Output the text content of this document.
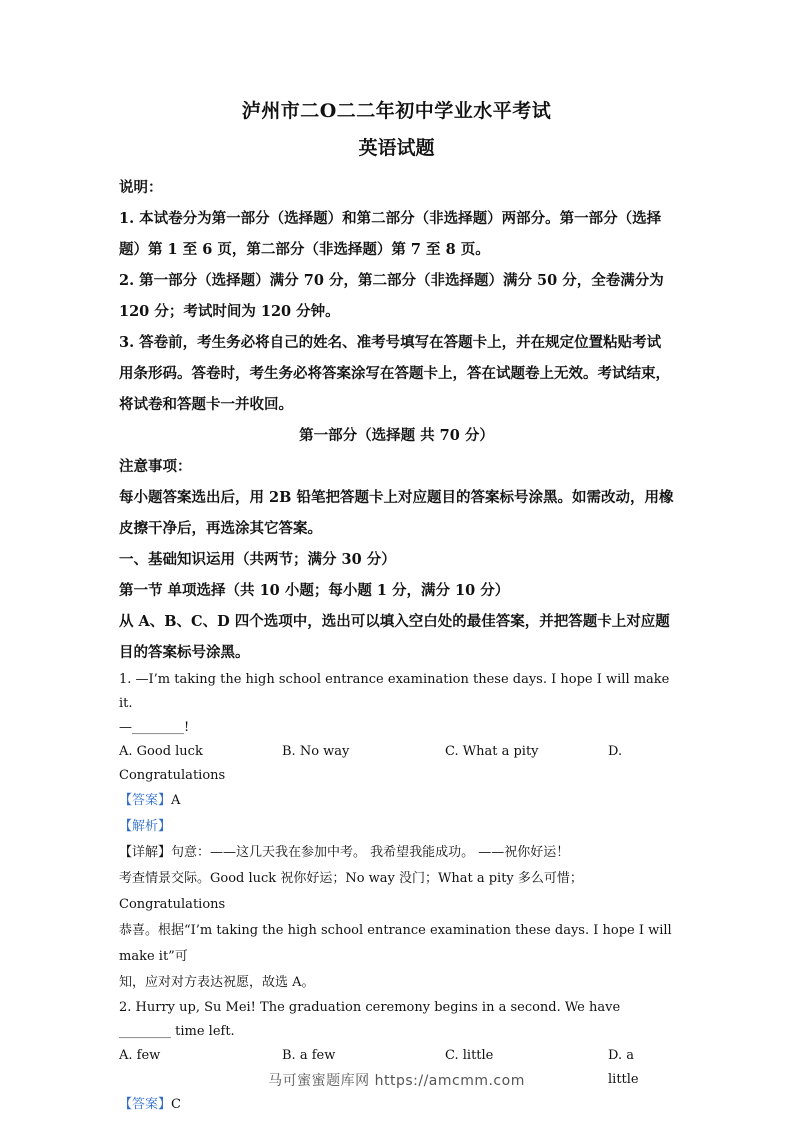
泸州市二O二二年初中学业水平考试
英语试题
说明：
1. 本试卷分为第一部分（选择题）和第二部分（非选择题）两部分。第一部分（选择题）第 1 至 6 页，第二部分（非选择题）第 7 至 8 页。
2. 第一部分（选择题）满分 70 分，第二部分（非选择题）满分 50 分，全卷满分为 120 分；考试时间为 120 分钟。
3. 答卷前，考生务必将自己的姓名、准考号填写在答题卡上，并在规定位置粘贴考试用条形码。答卷时，考生务必将答案涂写在答题卡上，答在试题卷上无效。考试结束，将试卷和答题卡一并收回。
第一部分（选择题 共 70 分）
注意事项：
每小题答案选出后，用 2B 铅笔把答题卡上对应题目的答案标号涂黑。如需改动，用橡皮擦干净后，再选涂其它答案。
一、基础知识运用（共两节；满分 30 分）
第一节 单项选择（共 10 小题；每小题 1 分，满分 10 分）
从 A、B、C、D 四个选项中，选出可以填入空白处的最佳答案，并把答题卡上对应题目的答案标号涂黑。
1. —I’m taking the high school entrance examination these days. I hope I will make it.
—________!
A. Good luck	B. No way	C. What a pity	D.
Congratulations
【答案】A
【解析】
【详解】句意：——这几天我在参加中考。 我希望我能成功。 ——祝你好运！
考查情景交际。Good luck 祝你好运；No way 没门；What a pity 多么可惜；Congratulations
恭喜。根据“I’m taking the high school entrance examination these days. I hope I will make it”可
知，应对对方表达祝愿，故选 A。
2. Hurry up, Su Mei! The graduation ceremony begins in a second. We have ________ time left.
A. few	B. a few	C. little	D. a little
【答案】C
马可蜜蜜题库网 https://amcmm.com
